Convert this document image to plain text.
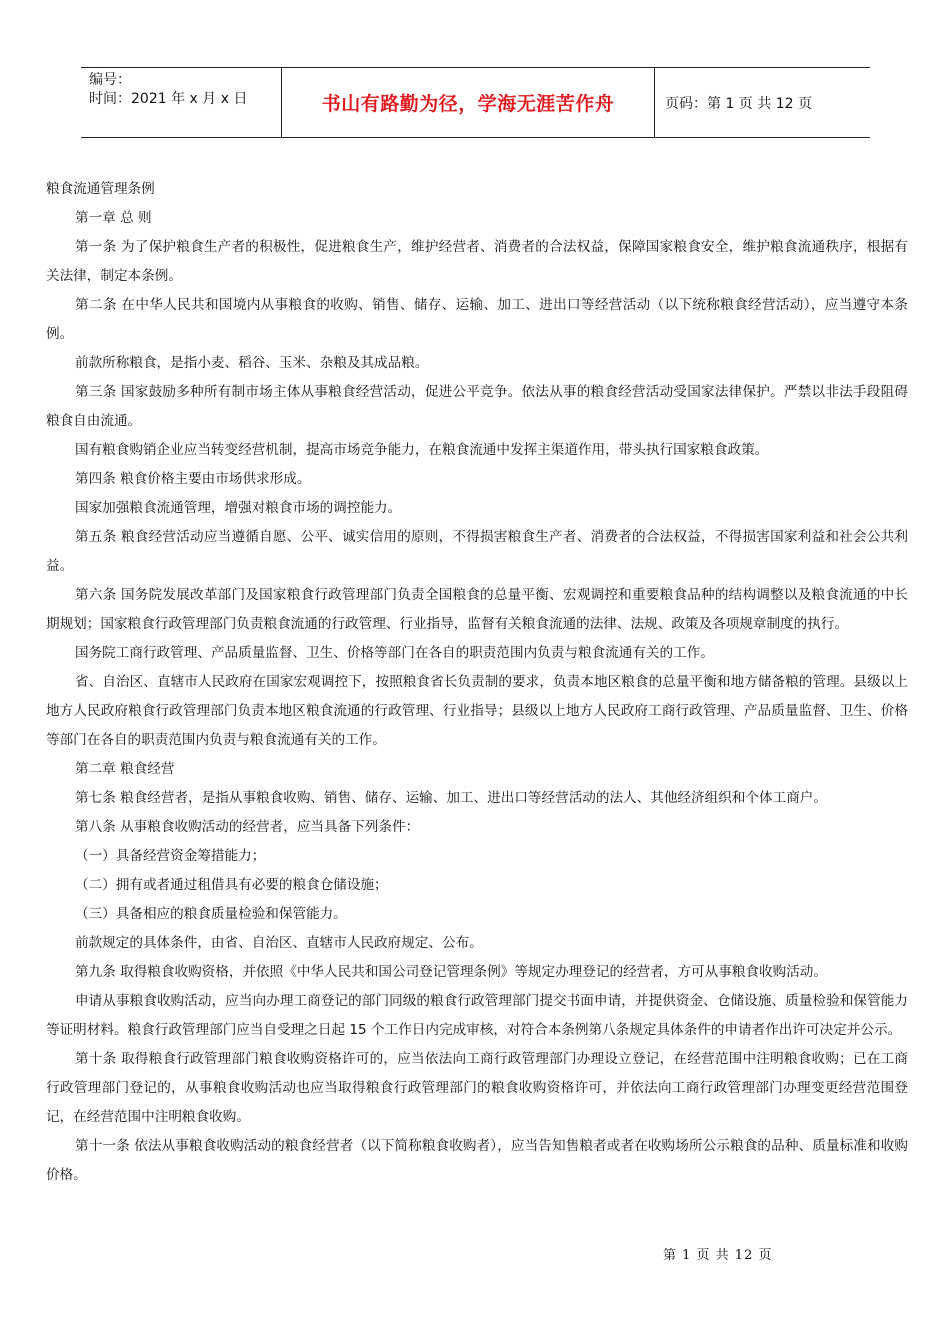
编号：
时间：2021 年 x 月 x 日	书山有路勤为径，学海无涯苦作舟	页码：第 1 页 共 12 页

粮食流通管理条例

第一章 总 则

第一条 为了保护粮食生产者的积极性，促进粮食生产，维护经营者、消费者的合法权益，保障国家粮食安全，维护粮食流通秩序，根据有关法律，制定本条例。

第二条 在中华人民共和国境内从事粮食的收购、销售、储存、运输、加工、进出口等经营活动（以下统称粮食经营活动），应当遵守本条例。

前款所称粮食，是指小麦、稻谷、玉米、杂粮及其成品粮。

第三条 国家鼓励多种所有制市场主体从事粮食经营活动，促进公平竞争。依法从事的粮食经营活动受国家法律保护。严禁以非法手段阻碍粮食自由流通。

国有粮食购销企业应当转变经营机制，提高市场竞争能力，在粮食流通中发挥主渠道作用，带头执行国家粮食政策。

第四条 粮食价格主要由市场供求形成。

国家加强粮食流通管理，增强对粮食市场的调控能力。

第五条 粮食经营活动应当遵循自愿、公平、诚实信用的原则，不得损害粮食生产者、消费者的合法权益，不得损害国家利益和社会公共利益。

第六条 国务院发展改革部门及国家粮食行政管理部门负责全国粮食的总量平衡、宏观调控和重要粮食品种的结构调整以及粮食流通的中长期规划；国家粮食行政管理部门负责粮食流通的行政管理、行业指导，监督有关粮食流通的法律、法规、政策及各项规章制度的执行。

国务院工商行政管理、产品质量监督、卫生、价格等部门在各自的职责范围内负责与粮食流通有关的工作。

省、自治区、直辖市人民政府在国家宏观调控下，按照粮食省长负责制的要求，负责本地区粮食的总量平衡和地方储备粮的管理。县级以上地方人民政府粮食行政管理部门负责本地区粮食流通的行政管理、行业指导；县级以上地方人民政府工商行政管理、产品质量监督、卫生、价格等部门在各自的职责范围内负责与粮食流通有关的工作。

第二章 粮食经营

第七条 粮食经营者，是指从事粮食收购、销售、储存、运输、加工、进出口等经营活动的法人、其他经济组织和个体工商户。

第八条 从事粮食收购活动的经营者，应当具备下列条件：

（一）具备经营资金筹措能力；

（二）拥有或者通过租借具有必要的粮食仓储设施；

（三）具备相应的粮食质量检验和保管能力。

前款规定的具体条件，由省、自治区、直辖市人民政府规定、公布。

第九条 取得粮食收购资格，并依照《中华人民共和国公司登记管理条例》等规定办理登记的经营者，方可从事粮食收购活动。

申请从事粮食收购活动，应当向办理工商登记的部门同级的粮食行政管理部门提交书面申请，并提供资金、仓储设施、质量检验和保管能力等证明材料。粮食行政管理部门应当自受理之日起 15 个工作日内完成审核，对符合本条例第八条规定具体条件的申请者作出许可决定并公示。

第十条 取得粮食行政管理部门粮食收购资格许可的，应当依法向工商行政管理部门办理设立登记，在经营范围中注明粮食收购；已在工商行政管理部门登记的，从事粮食收购活动也应当取得粮食行政管理部门的粮食收购资格许可，并依法向工商行政管理部门办理变更经营范围登记，在经营范围中注明粮食收购。

第十一条 依法从事粮食收购活动的粮食经营者（以下简称粮食收购者），应当告知售粮者或者在收购场所公示粮食的品种、质量标准和收购价格。

第 1 页 共 12 页
